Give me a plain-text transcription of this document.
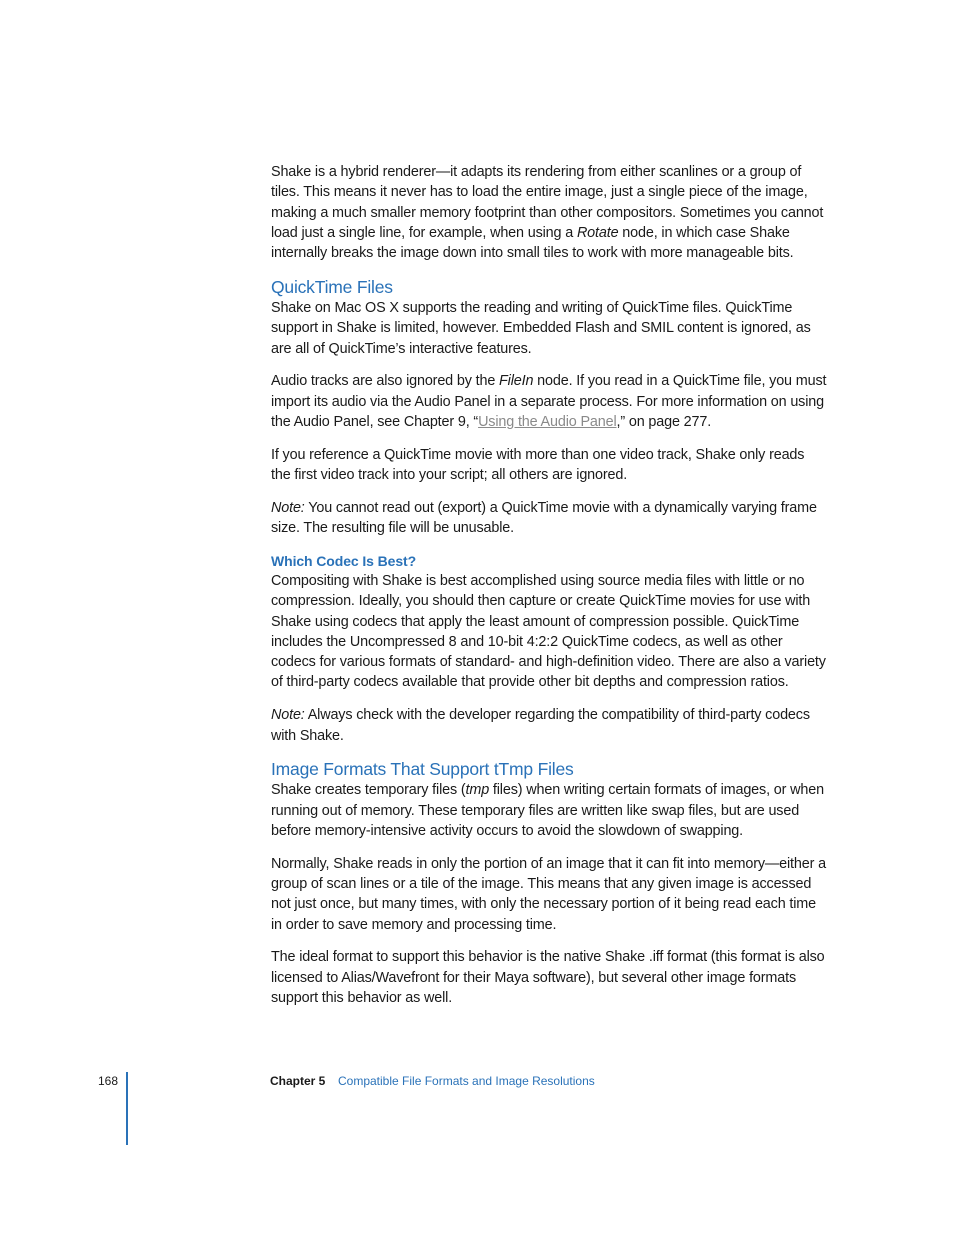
Shake is a hybrid renderer—it adapts its rendering from either scanlines or a group of tiles. This means it never has to load the entire image, just a single piece of the image, making a much smaller memory footprint than other compositors. Sometimes you cannot load just a single line, for example, when using a Rotate node, in which case Shake internally breaks the image down into small tiles to work with more manageable bits.

QuickTime Files

Shake on Mac OS X supports the reading and writing of QuickTime files. QuickTime support in Shake is limited, however. Embedded Flash and SMIL content is ignored, as are all of QuickTime’s interactive features.

Audio tracks are also ignored by the FileIn node. If you read in a QuickTime file, you must import its audio via the Audio Panel in a separate process. For more information on using the Audio Panel, see Chapter 9, “Using the Audio Panel,” on page 277.

If you reference a QuickTime movie with more than one video track, Shake only reads the first video track into your script; all others are ignored.

Note: You cannot read out (export) a QuickTime movie with a dynamically varying frame size. The resulting file will be unusable.

Which Codec Is Best?

Compositing with Shake is best accomplished using source media files with little or no compression. Ideally, you should then capture or create QuickTime movies for use with Shake using codecs that apply the least amount of compression possible. QuickTime includes the Uncompressed 8 and 10-bit 4:2:2 QuickTime codecs, as well as other codecs for various formats of standard- and high-definition video. There are also a variety of third-party codecs available that provide other bit depths and compression ratios.

Note: Always check with the developer regarding the compatibility of third-party codecs with Shake.

Image Formats That Support tTmp Files

Shake creates temporary files (tmp files) when writing certain formats of images, or when running out of memory. These temporary files are written like swap files, but are used before memory-intensive activity occurs to avoid the slowdown of swapping.

Normally, Shake reads in only the portion of an image that it can fit into memory—either a group of scan lines or a tile of the image. This means that any given image is accessed not just once, but many times, with only the necessary portion of it being read each time in order to save memory and processing time.

The ideal format to support this behavior is the native Shake .iff format (this format is also licensed to Alias/Wavefront for their Maya software), but several other image formats support this behavior as well.

168	Chapter 5 Compatible File Formats and Image Resolutions
